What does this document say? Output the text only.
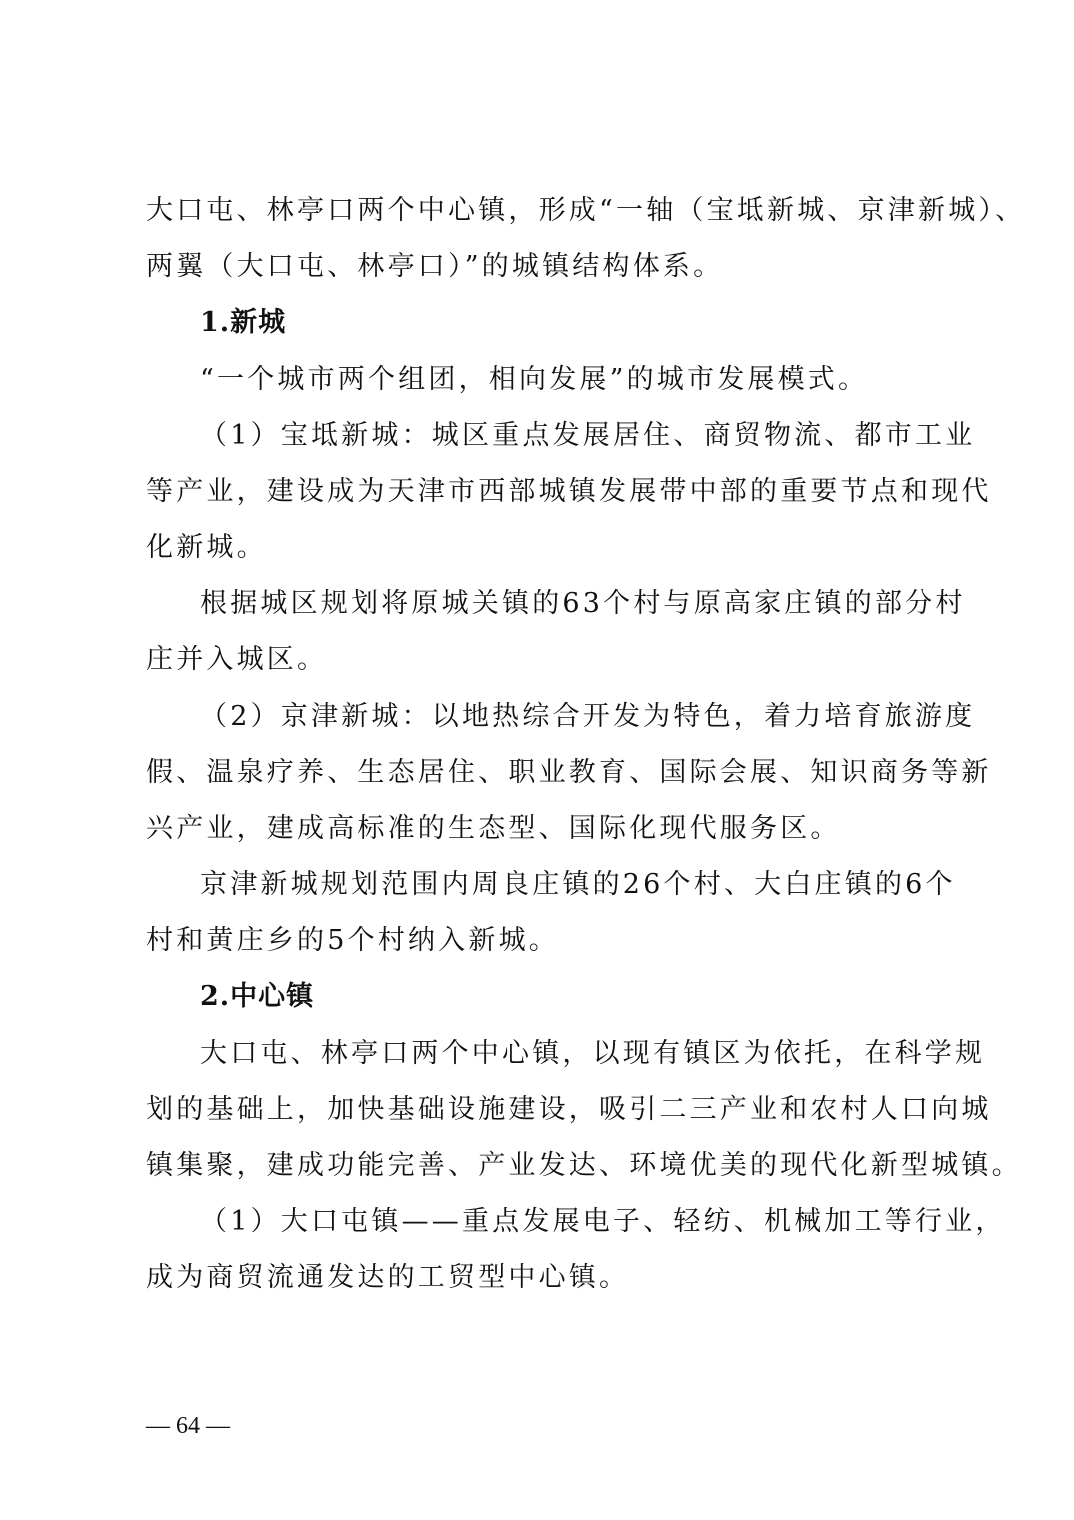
大口屯、林亭口两个中心镇，形成“一轴（宝坻新城、京津新城）、
两翼（大口屯、林亭口）”的城镇结构体系。
1.新城
“一个城市两个组团，相向发展”的城市发展模式。
（1）宝坻新城：城区重点发展居住、商贸物流、都市工业
等产业，建设成为天津市西部城镇发展带中部的重要节点和现代
化新城。
根据城区规划将原城关镇的63个村与原高家庄镇的部分村
庄并入城区。
（2）京津新城：以地热综合开发为特色，着力培育旅游度
假、温泉疗养、生态居住、职业教育、国际会展、知识商务等新
兴产业，建成高标准的生态型、国际化现代服务区。
京津新城规划范围内周良庄镇的26个村、大白庄镇的6个
村和黄庄乡的5个村纳入新城。
2.中心镇
大口屯、林亭口两个中心镇，以现有镇区为依托，在科学规
划的基础上，加快基础设施建设，吸引二三产业和农村人口向城
镇集聚，建成功能完善、产业发达、环境优美的现代化新型城镇。
（1）大口屯镇——重点发展电子、轻纺、机械加工等行业，
成为商贸流通发达的工贸型中心镇。
— 64 —
